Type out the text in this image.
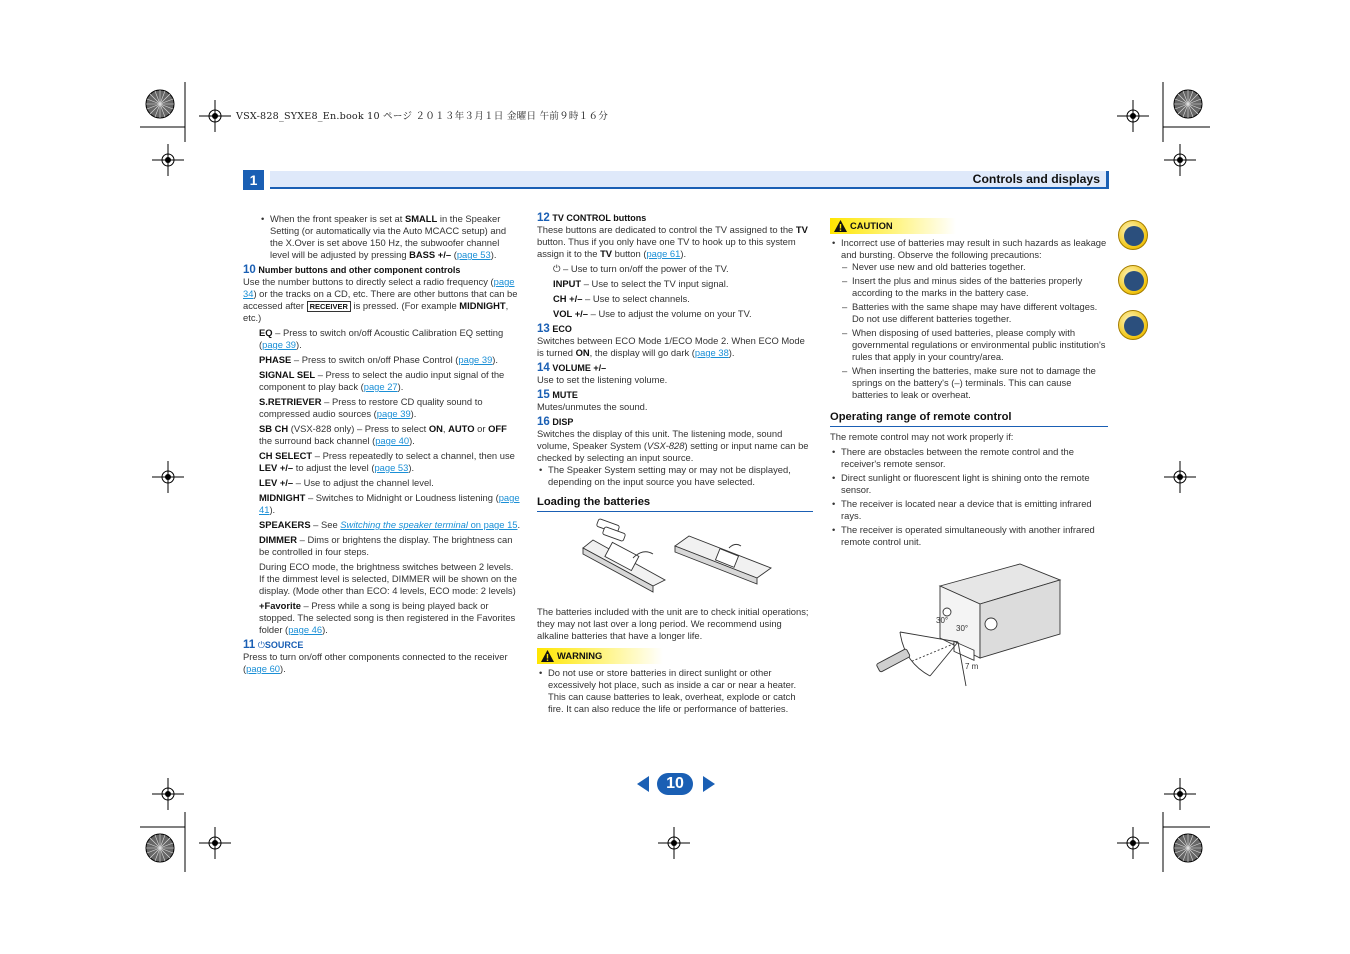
VSX-828_SYXE8_En.book 10 ページ ２０１３年３月１日 金曜日 午前９時１６分
1	Controls and displays
• When the front speaker is set at SMALL in the Speaker Setting (or automatically via the Auto MCACC setup) and the X.Over is set above 150 Hz, the subwoofer channel level will be adjusted by pressing BASS +/– (page 53).
10 Number buttons and other component controls
Use the number buttons to directly select a radio frequency (page 34) or the tracks on a CD, etc. There are other buttons that can be accessed after RECEIVER is pressed. (For example MIDNIGHT, etc.)
EQ – Press to switch on/off Acoustic Calibration EQ setting (page 39).
PHASE – Press to switch on/off Phase Control (page 39).
SIGNAL SEL – Press to select the audio input signal of the component to play back (page 27).
S.RETRIEVER – Press to restore CD quality sound to compressed audio sources (page 39).
SB CH (VSX-828 only) – Press to select ON, AUTO or OFF the surround back channel (page 40).
CH SELECT – Press repeatedly to select a channel, then use LEV +/– to adjust the level (page 53).
LEV +/– – Use to adjust the channel level.
MIDNIGHT – Switches to Midnight or Loudness listening (page 41).
SPEAKERS – See Switching the speaker terminal on page 15.
DIMMER – Dims or brightens the display. The brightness can be controlled in four steps.
During ECO mode, the brightness switches between 2 levels. If the dimmest level is selected, DIMMER will be shown on the display. (Mode other than ECO: 4 levels, ECO mode: 2 levels)
+Favorite – Press while a song is being played back or stopped. The selected song is then registered in the Favorites folder (page 46).
11 ⏻SOURCE
Press to turn on/off other components connected to the receiver (page 60).
12 TV CONTROL buttons
These buttons are dedicated to control the TV assigned to the TV button. Thus if you only have one TV to hook up to this system assign it to the TV button (page 61).
⏻ – Use to turn on/off the power of the TV.
INPUT – Use to select the TV input signal.
CH +/– – Use to select channels.
VOL +/– – Use to adjust the volume on your TV.
13 ECO
Switches between ECO Mode 1/ECO Mode 2. When ECO Mode is turned ON, the display will go dark (page 38).
14 VOLUME +/–
Use to set the listening volume.
15 MUTE
Mutes/unmutes the sound.
16 DISP
Switches the display of this unit. The listening mode, sound volume, Speaker System (VSX-828) setting or input name can be checked by selecting an input source.
• The Speaker System setting may or may not be displayed, depending on the input source you have selected.
Loading the batteries
The batteries included with the unit are to check initial operations; they may not last over a long period. We recommend using alkaline batteries that have a longer life.
WARNING
• Do not use or store batteries in direct sunlight or other excessively hot place, such as inside a car or near a heater. This can cause batteries to leak, overheat, explode or catch fire. It can also reduce the life or performance of batteries.
CAUTION
• Incorrect use of batteries may result in such hazards as leakage and bursting. Observe the following precautions:
– Never use new and old batteries together.
– Insert the plus and minus sides of the batteries properly according to the marks in the battery case.
– Batteries with the same shape may have different voltages. Do not use different batteries together.
– When disposing of used batteries, please comply with governmental regulations or environmental public institution's rules that apply in your country/area.
– When inserting the batteries, make sure not to damage the springs on the battery's (–) terminals. This can cause batteries to leak or overheat.
Operating range of remote control
The remote control may not work properly if:
• There are obstacles between the remote control and the receiver's remote sensor.
• Direct sunlight or fluorescent light is shining onto the remote sensor.
• The receiver is located near a device that is emitting infrared rays.
• The receiver is operated simultaneously with another infrared remote control unit.
30°
30°
7 m
10
